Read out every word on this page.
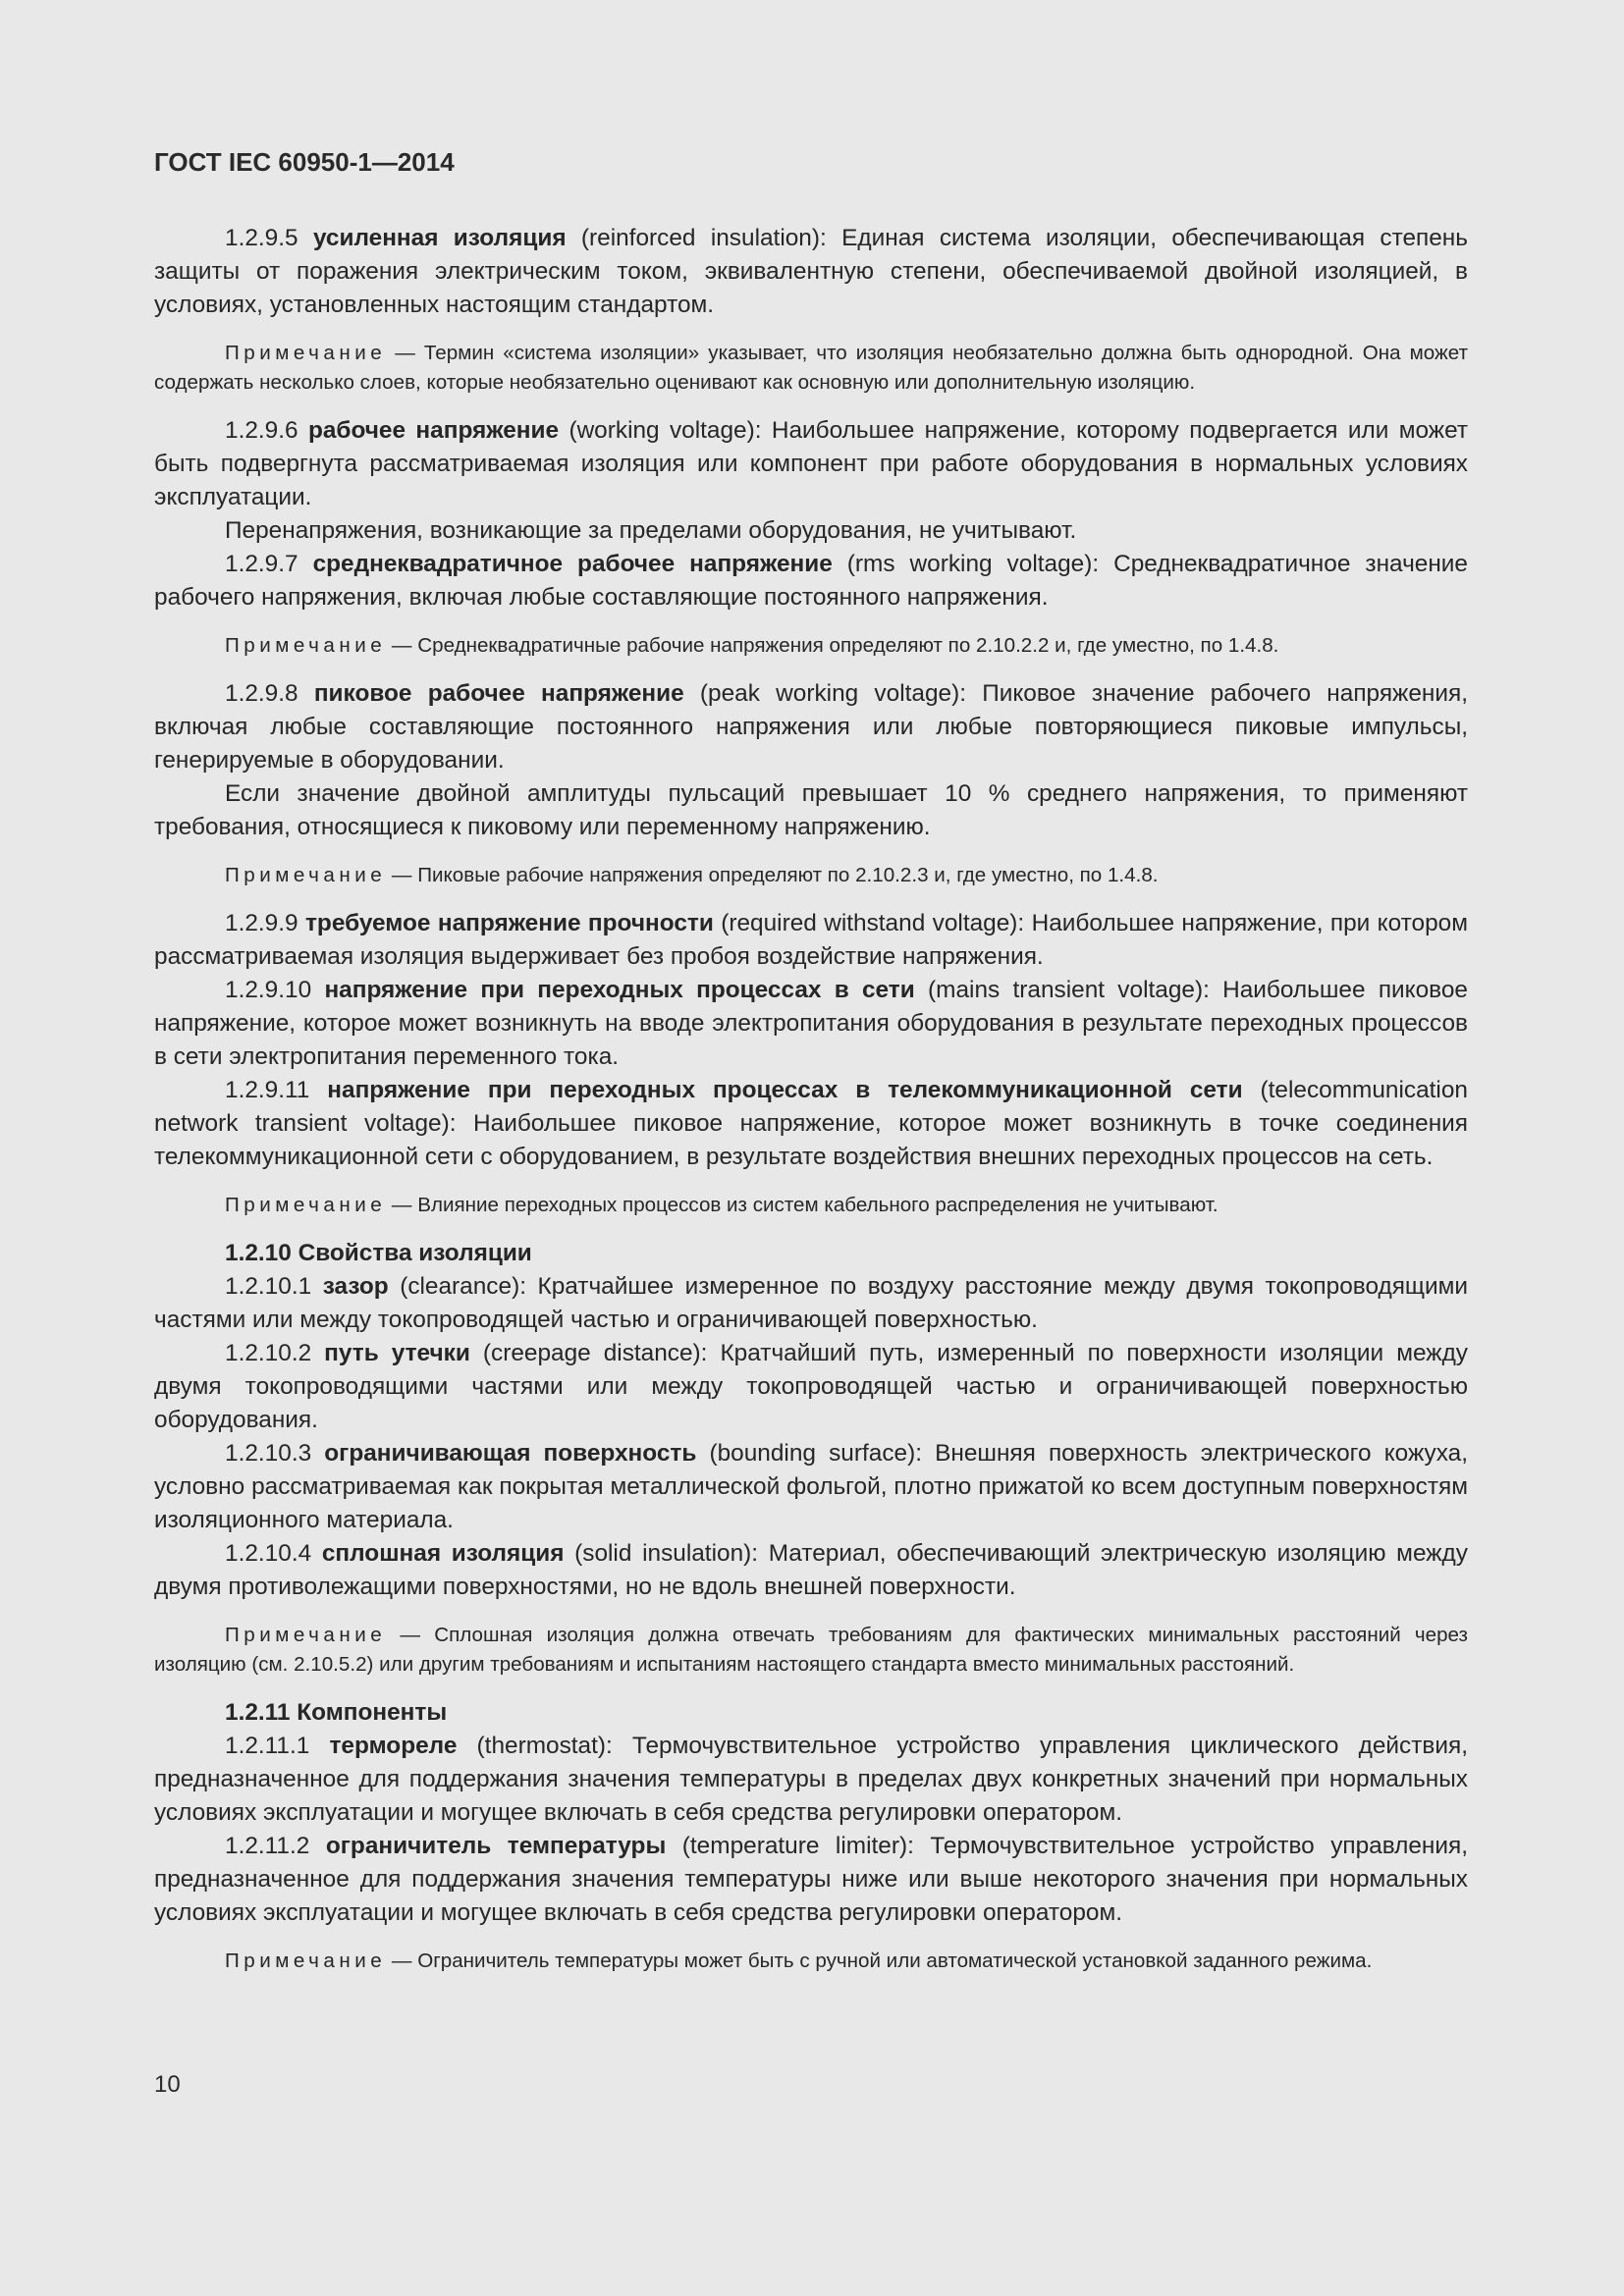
ГОСТ IEC 60950-1—2014

1.2.9.5 усиленная изоляция (reinforced insulation): Единая система изоляции, обеспечивающая степень защиты от поражения электрическим током, эквивалентную степени, обеспечиваемой двойной изоляцией, в условиях, установленных настоящим стандартом.

Примечание — Термин «система изоляции» указывает, что изоляция необязательно должна быть однородной. Она может содержать несколько слоев, которые необязательно оценивают как основную или дополнительную изоляцию.

1.2.9.6 рабочее напряжение (working voltage): Наибольшее напряжение, которому подвергается или может быть подвергнута рассматриваемая изоляция или компонент при работе оборудования в нормальных условиях эксплуатации.

Перенапряжения, возникающие за пределами оборудования, не учитывают.

1.2.9.7 среднеквадратичное рабочее напряжение (rms working voltage): Среднеквадратичное значение рабочего напряжения, включая любые составляющие постоянного напряжения.

Примечание — Среднеквадратичные рабочие напряжения определяют по 2.10.2.2 и, где уместно, по 1.4.8.

1.2.9.8 пиковое рабочее напряжение (peak working voltage): Пиковое значение рабочего напряжения, включая любые составляющие постоянного напряжения или любые повторяющиеся пиковые импульсы, генерируемые в оборудовании.

Если значение двойной амплитуды пульсаций превышает 10 % среднего напряжения, то применяют требования, относящиеся к пиковому или переменному напряжению.

Примечание — Пиковые рабочие напряжения определяют по 2.10.2.3 и, где уместно, по 1.4.8.

1.2.9.9 требуемое напряжение прочности (required withstand voltage): Наибольшее напряжение, при котором рассматриваемая изоляция выдерживает без пробоя воздействие напряжения.

1.2.9.10 напряжение при переходных процессах в сети (mains transient voltage): Наибольшее пиковое напряжение, которое может возникнуть на вводе электропитания оборудования в результате переходных процессов в сети электропитания переменного тока.

1.2.9.11 напряжение при переходных процессах в телекоммуникационной сети (telecommunication network transient voltage): Наибольшее пиковое напряжение, которое может возникнуть в точке соединения телекоммуникационной сети с оборудованием, в результате воздействия внешних переходных процессов на сеть.

Примечание — Влияние переходных процессов из систем кабельного распределения не учитывают.

1.2.10 Свойства изоляции

1.2.10.1 зазор (clearance): Кратчайшее измеренное по воздуху расстояние между двумя токопроводящими частями или между токопроводящей частью и ограничивающей поверхностью.

1.2.10.2 путь утечки (creepage distance): Кратчайший путь, измеренный по поверхности изоляции между двумя токопроводящими частями или между токопроводящей частью и ограничивающей поверхностью оборудования.

1.2.10.3 ограничивающая поверхность (bounding surface): Внешняя поверхность электрического кожуха, условно рассматриваемая как покрытая металлической фольгой, плотно прижатой ко всем доступным поверхностям изоляционного материала.

1.2.10.4 сплошная изоляция (solid insulation): Материал, обеспечивающий электрическую изоляцию между двумя противолежащими поверхностями, но не вдоль внешней поверхности.

Примечание — Сплошная изоляция должна отвечать требованиям для фактических минимальных расстояний через изоляцию (см. 2.10.5.2) или другим требованиям и испытаниям настоящего стандарта вместо минимальных расстояний.

1.2.11 Компоненты

1.2.11.1 термореле (thermostat): Термочувствительное устройство управления циклического действия, предназначенное для поддержания значения температуры в пределах двух конкретных значений при нормальных условиях эксплуатации и могущее включать в себя средства регулировки оператором.

1.2.11.2 ограничитель температуры (temperature limiter): Термочувствительное устройство управления, предназначенное для поддержания значения температуры ниже или выше некоторого значения при нормальных условиях эксплуатации и могущее включать в себя средства регулировки оператором.

Примечание — Ограничитель температуры может быть с ручной или автоматической установкой заданного режима.

10
